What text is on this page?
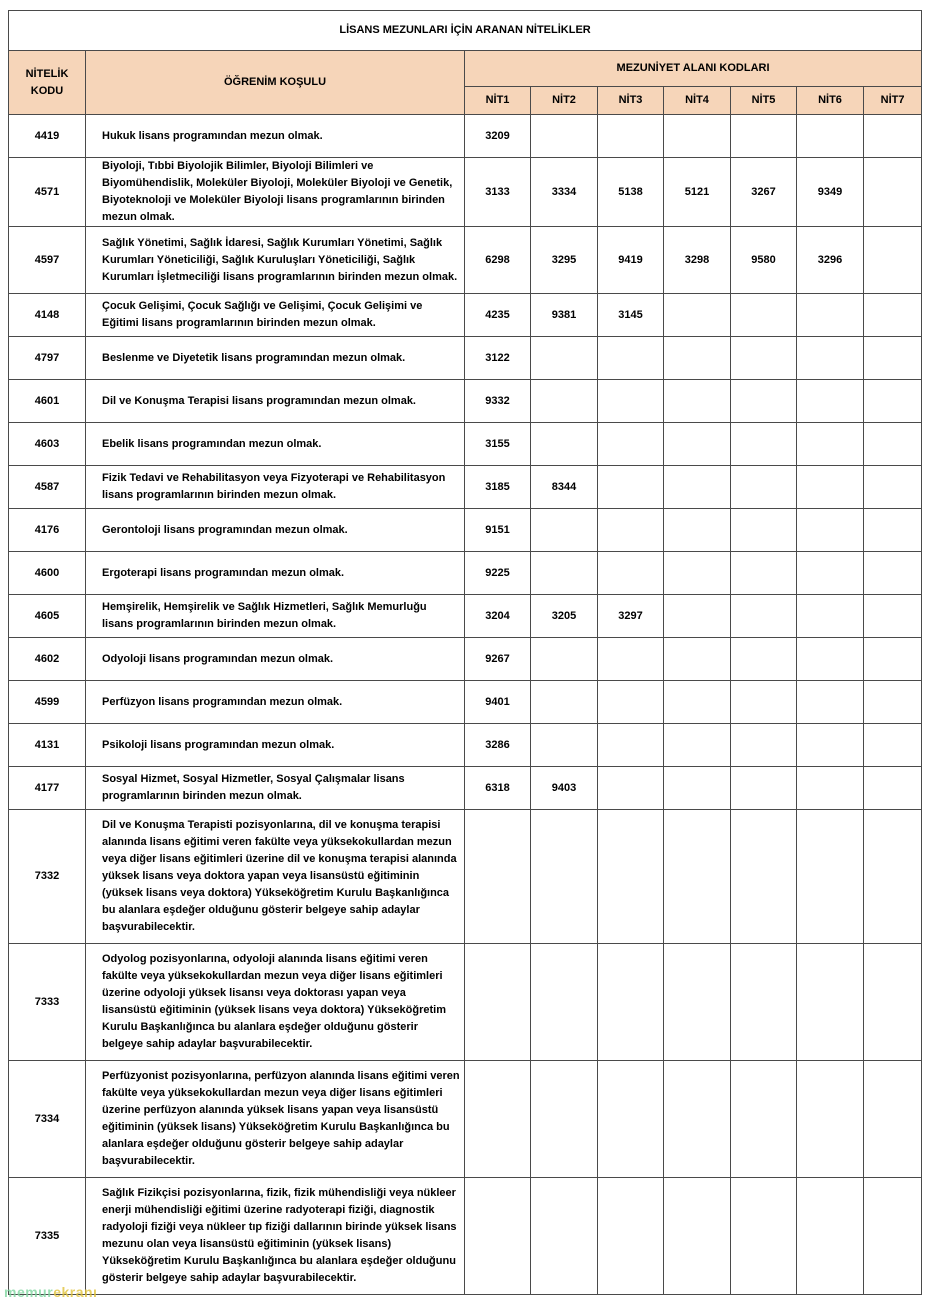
LİSANS MEZUNLARI İÇİN ARANAN NİTELİKLER								
NİTELİK KODU	ÖĞRENİM KOŞULU	MEZUNİYET ALANI KODLARI						
		NİT1	NİT2	NİT3	NİT4	NİT5	NİT6	NİT7
4419	Hukuk lisans programından mezun olmak.	3209						
4571	Biyoloji, Tıbbi Biyolojik Bilimler, Biyoloji Bilimleri ve Biyomühendislik, Moleküler Biyoloji, Moleküler Biyoloji ve Genetik, Biyoteknoloji ve Moleküler Biyoloji lisans programlarının birinden mezun olmak.	3133	3334	5138	5121	3267	9349	
4597	Sağlık Yönetimi, Sağlık İdaresi, Sağlık Kurumları Yönetimi, Sağlık Kurumları Yöneticiliği, Sağlık Kuruluşları Yöneticiliği, Sağlık Kurumları İşletmeciliği lisans programlarının birinden mezun olmak.	6298	3295	9419	3298	9580	3296	
4148	Çocuk Gelişimi, Çocuk Sağlığı ve Gelişimi, Çocuk Gelişimi ve Eğitimi lisans programlarının birinden mezun olmak.	4235	9381	3145				
4797	Beslenme ve Diyetetik lisans programından mezun olmak.	3122						
4601	Dil ve Konuşma Terapisi lisans programından mezun olmak.	9332						
4603	Ebelik lisans programından mezun olmak.	3155						
4587	Fizik Tedavi ve Rehabilitasyon veya Fizyoterapi ve Rehabilitasyon lisans programlarının birinden mezun olmak.	3185	8344					
4176	Gerontoloji lisans programından mezun olmak.	9151						
4600	Ergoterapi lisans programından mezun olmak.	9225						
4605	Hemşirelik, Hemşirelik ve Sağlık Hizmetleri, Sağlık Memurluğu lisans programlarının birinden mezun olmak.	3204	3205	3297				
4602	Odyoloji lisans programından mezun olmak.	9267						
4599	Perfüzyon lisans programından mezun olmak.	9401						
4131	Psikoloji lisans programından mezun olmak.	3286						
4177	Sosyal Hizmet, Sosyal Hizmetler, Sosyal Çalışmalar lisans programlarının birinden mezun olmak.	6318	9403					
7332	Dil ve Konuşma Terapisti pozisyonlarına, dil ve konuşma terapisi alanında lisans eğitimi veren fakülte veya yüksekokullardan mezun veya diğer lisans eğitimleri üzerine dil ve konuşma terapisi alanında yüksek lisans veya doktora yapan veya lisansüstü eğitiminin (yüksek lisans veya doktora) Yükseköğretim Kurulu Başkanlığınca bu alanlara eşdeğer olduğunu gösterir belgeye sahip adaylar başvurabilecektir.							
7333	Odyolog pozisyonlarına, odyoloji alanında lisans eğitimi veren fakülte veya yüksekokullardan mezun veya diğer lisans eğitimleri üzerine odyoloji yüksek lisansı veya doktorası yapan veya lisansüstü eğitiminin (yüksek lisans veya doktora) Yükseköğretim Kurulu Başkanlığınca bu alanlara eşdeğer olduğunu gösterir belgeye sahip adaylar başvurabilecektir.							
7334	Perfüzyonist pozisyonlarına, perfüzyon alanında lisans eğitimi veren fakülte veya yüksekokullardan mezun veya diğer lisans eğitimleri üzerine perfüzyon alanında yüksek lisans yapan veya lisansüstü eğitiminin (yüksek lisans) Yükseköğretim Kurulu Başkanlığınca bu alanlara eşdeğer olduğunu gösterir belgeye sahip adaylar başvurabilecektir.							
7335	Sağlık Fizikçisi pozisyonlarına, fizik, fizik mühendisliği veya nükleer enerji mühendisliği eğitimi üzerine radyoterapi fiziği, diagnostik radyoloji fiziği veya nükleer tıp fiziği dallarının birinde yüksek lisans mezunu olan veya lisansüstü eğitiminin (yüksek lisans) Yükseköğretim Kurulu Başkanlığınca bu alanlara eşdeğer olduğunu gösterir belgeye sahip adaylar başvurabilecektir.							
memurekranı
